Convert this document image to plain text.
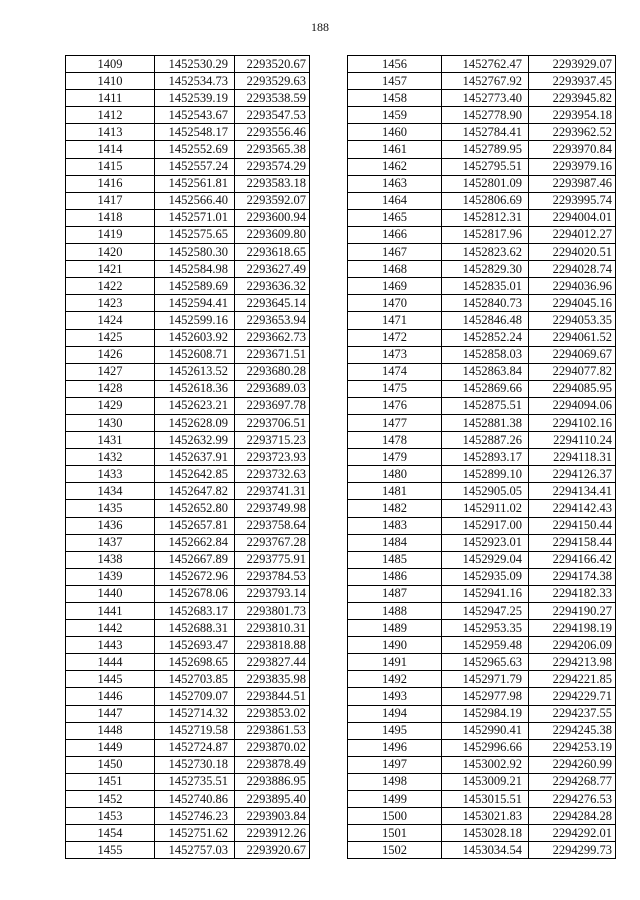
188
1409	1452530.29	2293520.67
1410	1452534.73	2293529.63
1411	1452539.19	2293538.59
1412	1452543.67	2293547.53
1413	1452548.17	2293556.46
1414	1452552.69	2293565.38
1415	1452557.24	2293574.29
1416	1452561.81	2293583.18
1417	1452566.40	2293592.07
1418	1452571.01	2293600.94
1419	1452575.65	2293609.80
1420	1452580.30	2293618.65
1421	1452584.98	2293627.49
1422	1452589.69	2293636.32
1423	1452594.41	2293645.14
1424	1452599.16	2293653.94
1425	1452603.92	2293662.73
1426	1452608.71	2293671.51
1427	1452613.52	2293680.28
1428	1452618.36	2293689.03
1429	1452623.21	2293697.78
1430	1452628.09	2293706.51
1431	1452632.99	2293715.23
1432	1452637.91	2293723.93
1433	1452642.85	2293732.63
1434	1452647.82	2293741.31
1435	1452652.80	2293749.98
1436	1452657.81	2293758.64
1437	1452662.84	2293767.28
1438	1452667.89	2293775.91
1439	1452672.96	2293784.53
1440	1452678.06	2293793.14
1441	1452683.17	2293801.73
1442	1452688.31	2293810.31
1443	1452693.47	2293818.88
1444	1452698.65	2293827.44
1445	1452703.85	2293835.98
1446	1452709.07	2293844.51
1447	1452714.32	2293853.02
1448	1452719.58	2293861.53
1449	1452724.87	2293870.02
1450	1452730.18	2293878.49
1451	1452735.51	2293886.95
1452	1452740.86	2293895.40
1453	1452746.23	2293903.84
1454	1452751.62	2293912.26
1455	1452757.03	2293920.67
1456	1452762.47	2293929.07
1457	1452767.92	2293937.45
1458	1452773.40	2293945.82
1459	1452778.90	2293954.18
1460	1452784.41	2293962.52
1461	1452789.95	2293970.84
1462	1452795.51	2293979.16
1463	1452801.09	2293987.46
1464	1452806.69	2293995.74
1465	1452812.31	2294004.01
1466	1452817.96	2294012.27
1467	1452823.62	2294020.51
1468	1452829.30	2294028.74
1469	1452835.01	2294036.96
1470	1452840.73	2294045.16
1471	1452846.48	2294053.35
1472	1452852.24	2294061.52
1473	1452858.03	2294069.67
1474	1452863.84	2294077.82
1475	1452869.66	2294085.95
1476	1452875.51	2294094.06
1477	1452881.38	2294102.16
1478	1452887.26	2294110.24
1479	1452893.17	2294118.31
1480	1452899.10	2294126.37
1481	1452905.05	2294134.41
1482	1452911.02	2294142.43
1483	1452917.00	2294150.44
1484	1452923.01	2294158.44
1485	1452929.04	2294166.42
1486	1452935.09	2294174.38
1487	1452941.16	2294182.33
1488	1452947.25	2294190.27
1489	1452953.35	2294198.19
1490	1452959.48	2294206.09
1491	1452965.63	2294213.98
1492	1452971.79	2294221.85
1493	1452977.98	2294229.71
1494	1452984.19	2294237.55
1495	1452990.41	2294245.38
1496	1452996.66	2294253.19
1497	1453002.92	2294260.99
1498	1453009.21	2294268.77
1499	1453015.51	2294276.53
1500	1453021.83	2294284.28
1501	1453028.18	2294292.01
1502	1453034.54	2294299.73
